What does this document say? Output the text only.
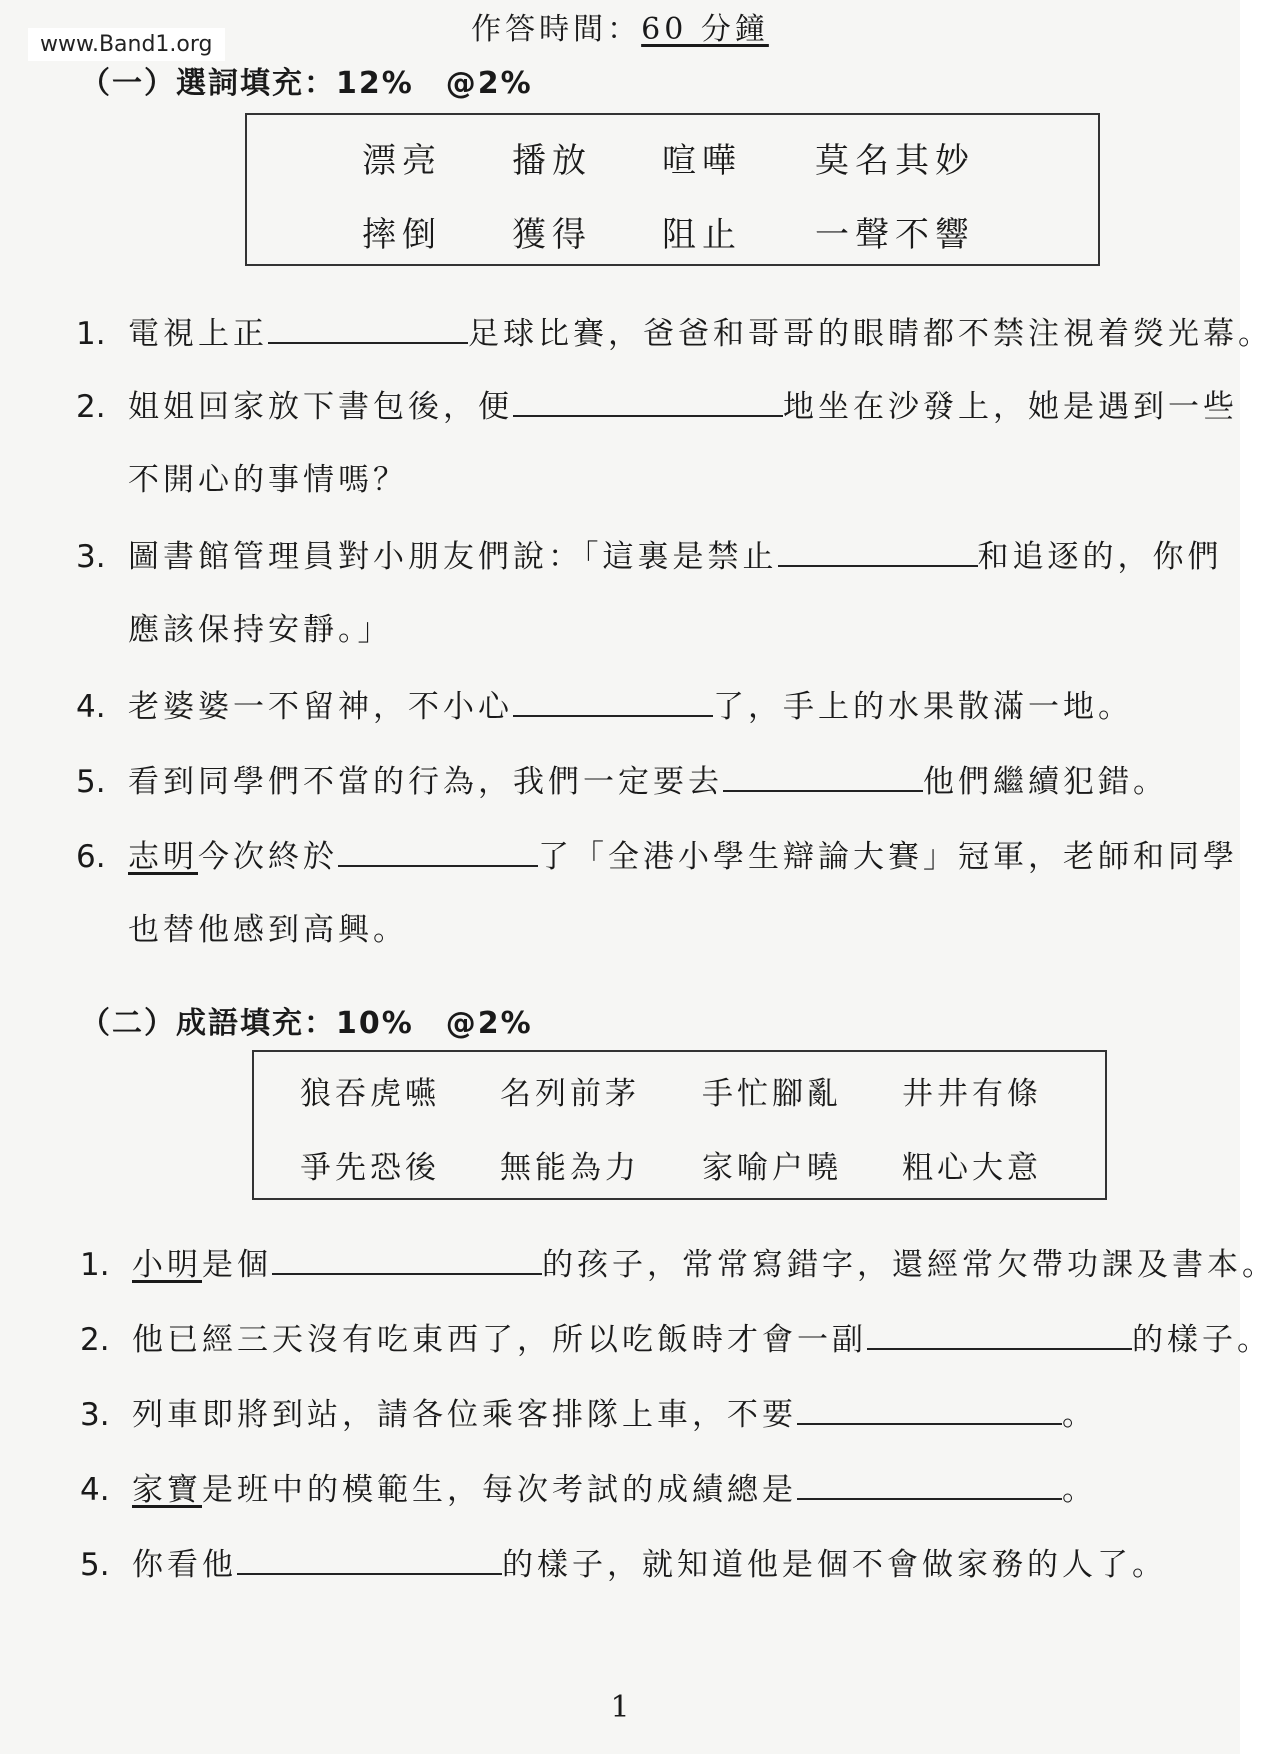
www.Band1.org	作答時間：60 分鐘
（一）選詞填充：12%　@2%
漂亮 播放 喧嘩 莫名其妙
摔倒 獲得 阻止 一聲不響
1. 電視上正	足球比賽，爸爸和哥哥的眼睛都不禁注視着熒光幕。
2. 姐姐回家放下書包後，便	地坐在沙發上，她是遇到一些
不開心的事情嗎？
3. 圖書館管理員對小朋友們說：「這裏是禁止	和追逐的，你們
應該保持安靜。」
4. 老婆婆一不留神，不小心	了，手上的水果散滿一地。
5. 看到同學們不當的行為，我們一定要去	他們繼續犯錯。
6. 志明今次終於	了「全港小學生辯論大賽」冠軍，老師和同學
也替他感到高興。
（二）成語填充：10%　@2%
狼吞虎嚥 名列前茅 手忙腳亂 井井有條
爭先恐後 無能為力 家喻户曉 粗心大意
1. 小明是個	的孩子，常常寫錯字，還經常欠帶功課及書本。
2. 他已經三天沒有吃東西了，所以吃飯時才會一副	的樣子。
3. 列車即將到站，請各位乘客排隊上車，不要	。
4. 家寶是班中的模範生，每次考試的成績總是	。
5. 你看他	的樣子，就知道他是個不會做家務的人了。
1
